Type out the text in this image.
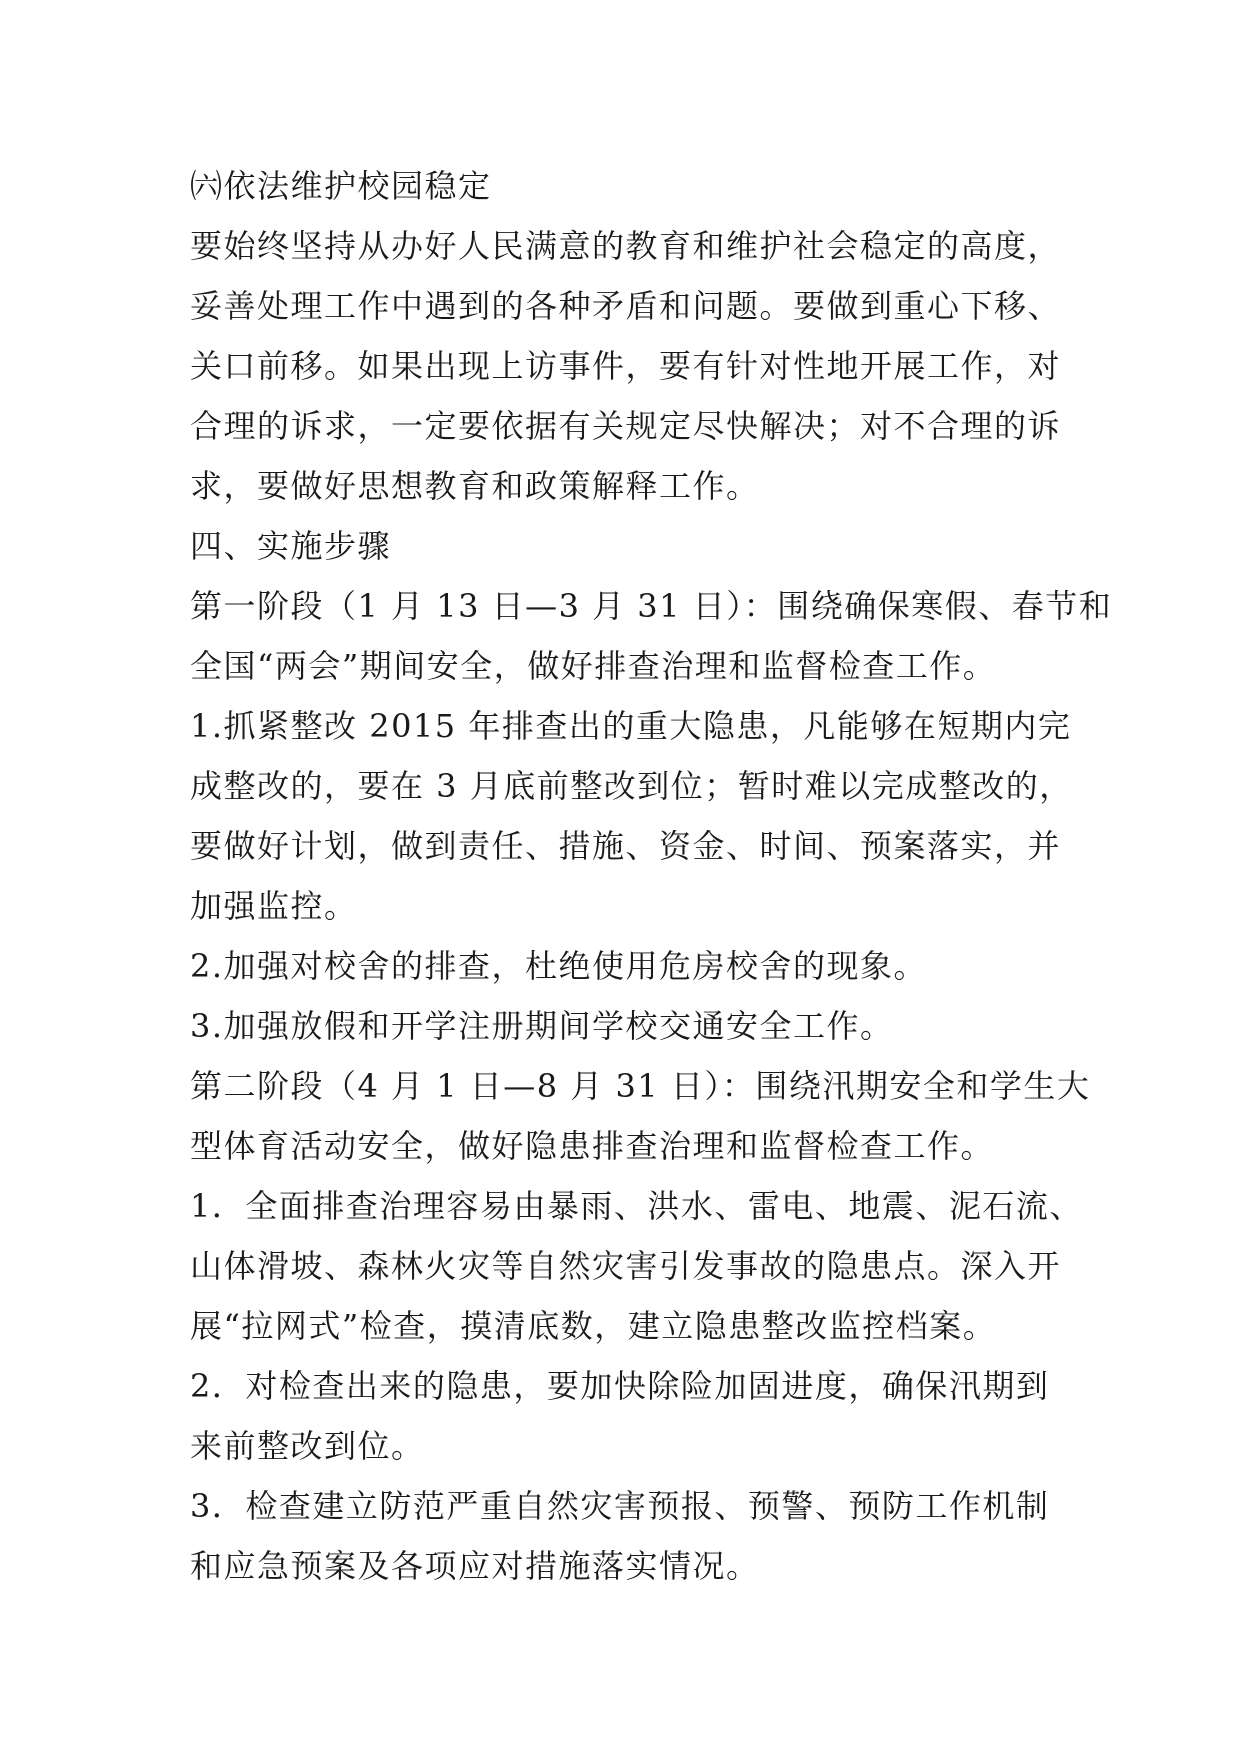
㈥依法维护校园稳定
要始终坚持从办好人民满意的教育和维护社会稳定的高度，
妥善处理工作中遇到的各种矛盾和问题。要做到重心下移、
关口前移。如果出现上访事件，要有针对性地开展工作，对
合理的诉求，一定要依据有关规定尽快解决；对不合理的诉
求，要做好思想教育和政策解释工作。
四、实施步骤
第一阶段（1 月 13 日—3 月 31 日）：围绕确保寒假、春节和
全国“两会”期间安全，做好排查治理和监督检查工作。
1.抓紧整改 2015 年排查出的重大隐患，凡能够在短期内完
成整改的，要在 3 月底前整改到位；暂时难以完成整改的，
要做好计划，做到责任、措施、资金、时间、预案落实，并
加强监控。
2.加强对校舍的排查，杜绝使用危房校舍的现象。
3.加强放假和开学注册期间学校交通安全工作。
第二阶段（4 月 1 日—8 月 31 日）：围绕汛期安全和学生大
型体育活动安全，做好隐患排查治理和监督检查工作。
1．全面排查治理容易由暴雨、洪水、雷电、地震、泥石流、
山体滑坡、森林火灾等自然灾害引发事故的隐患点。深入开
展“拉网式”检查，摸清底数，建立隐患整改监控档案。
2．对检查出来的隐患，要加快除险加固进度，确保汛期到
来前整改到位。
3．检查建立防范严重自然灾害预报、预警、预防工作机制
和应急预案及各项应对措施落实情况。
